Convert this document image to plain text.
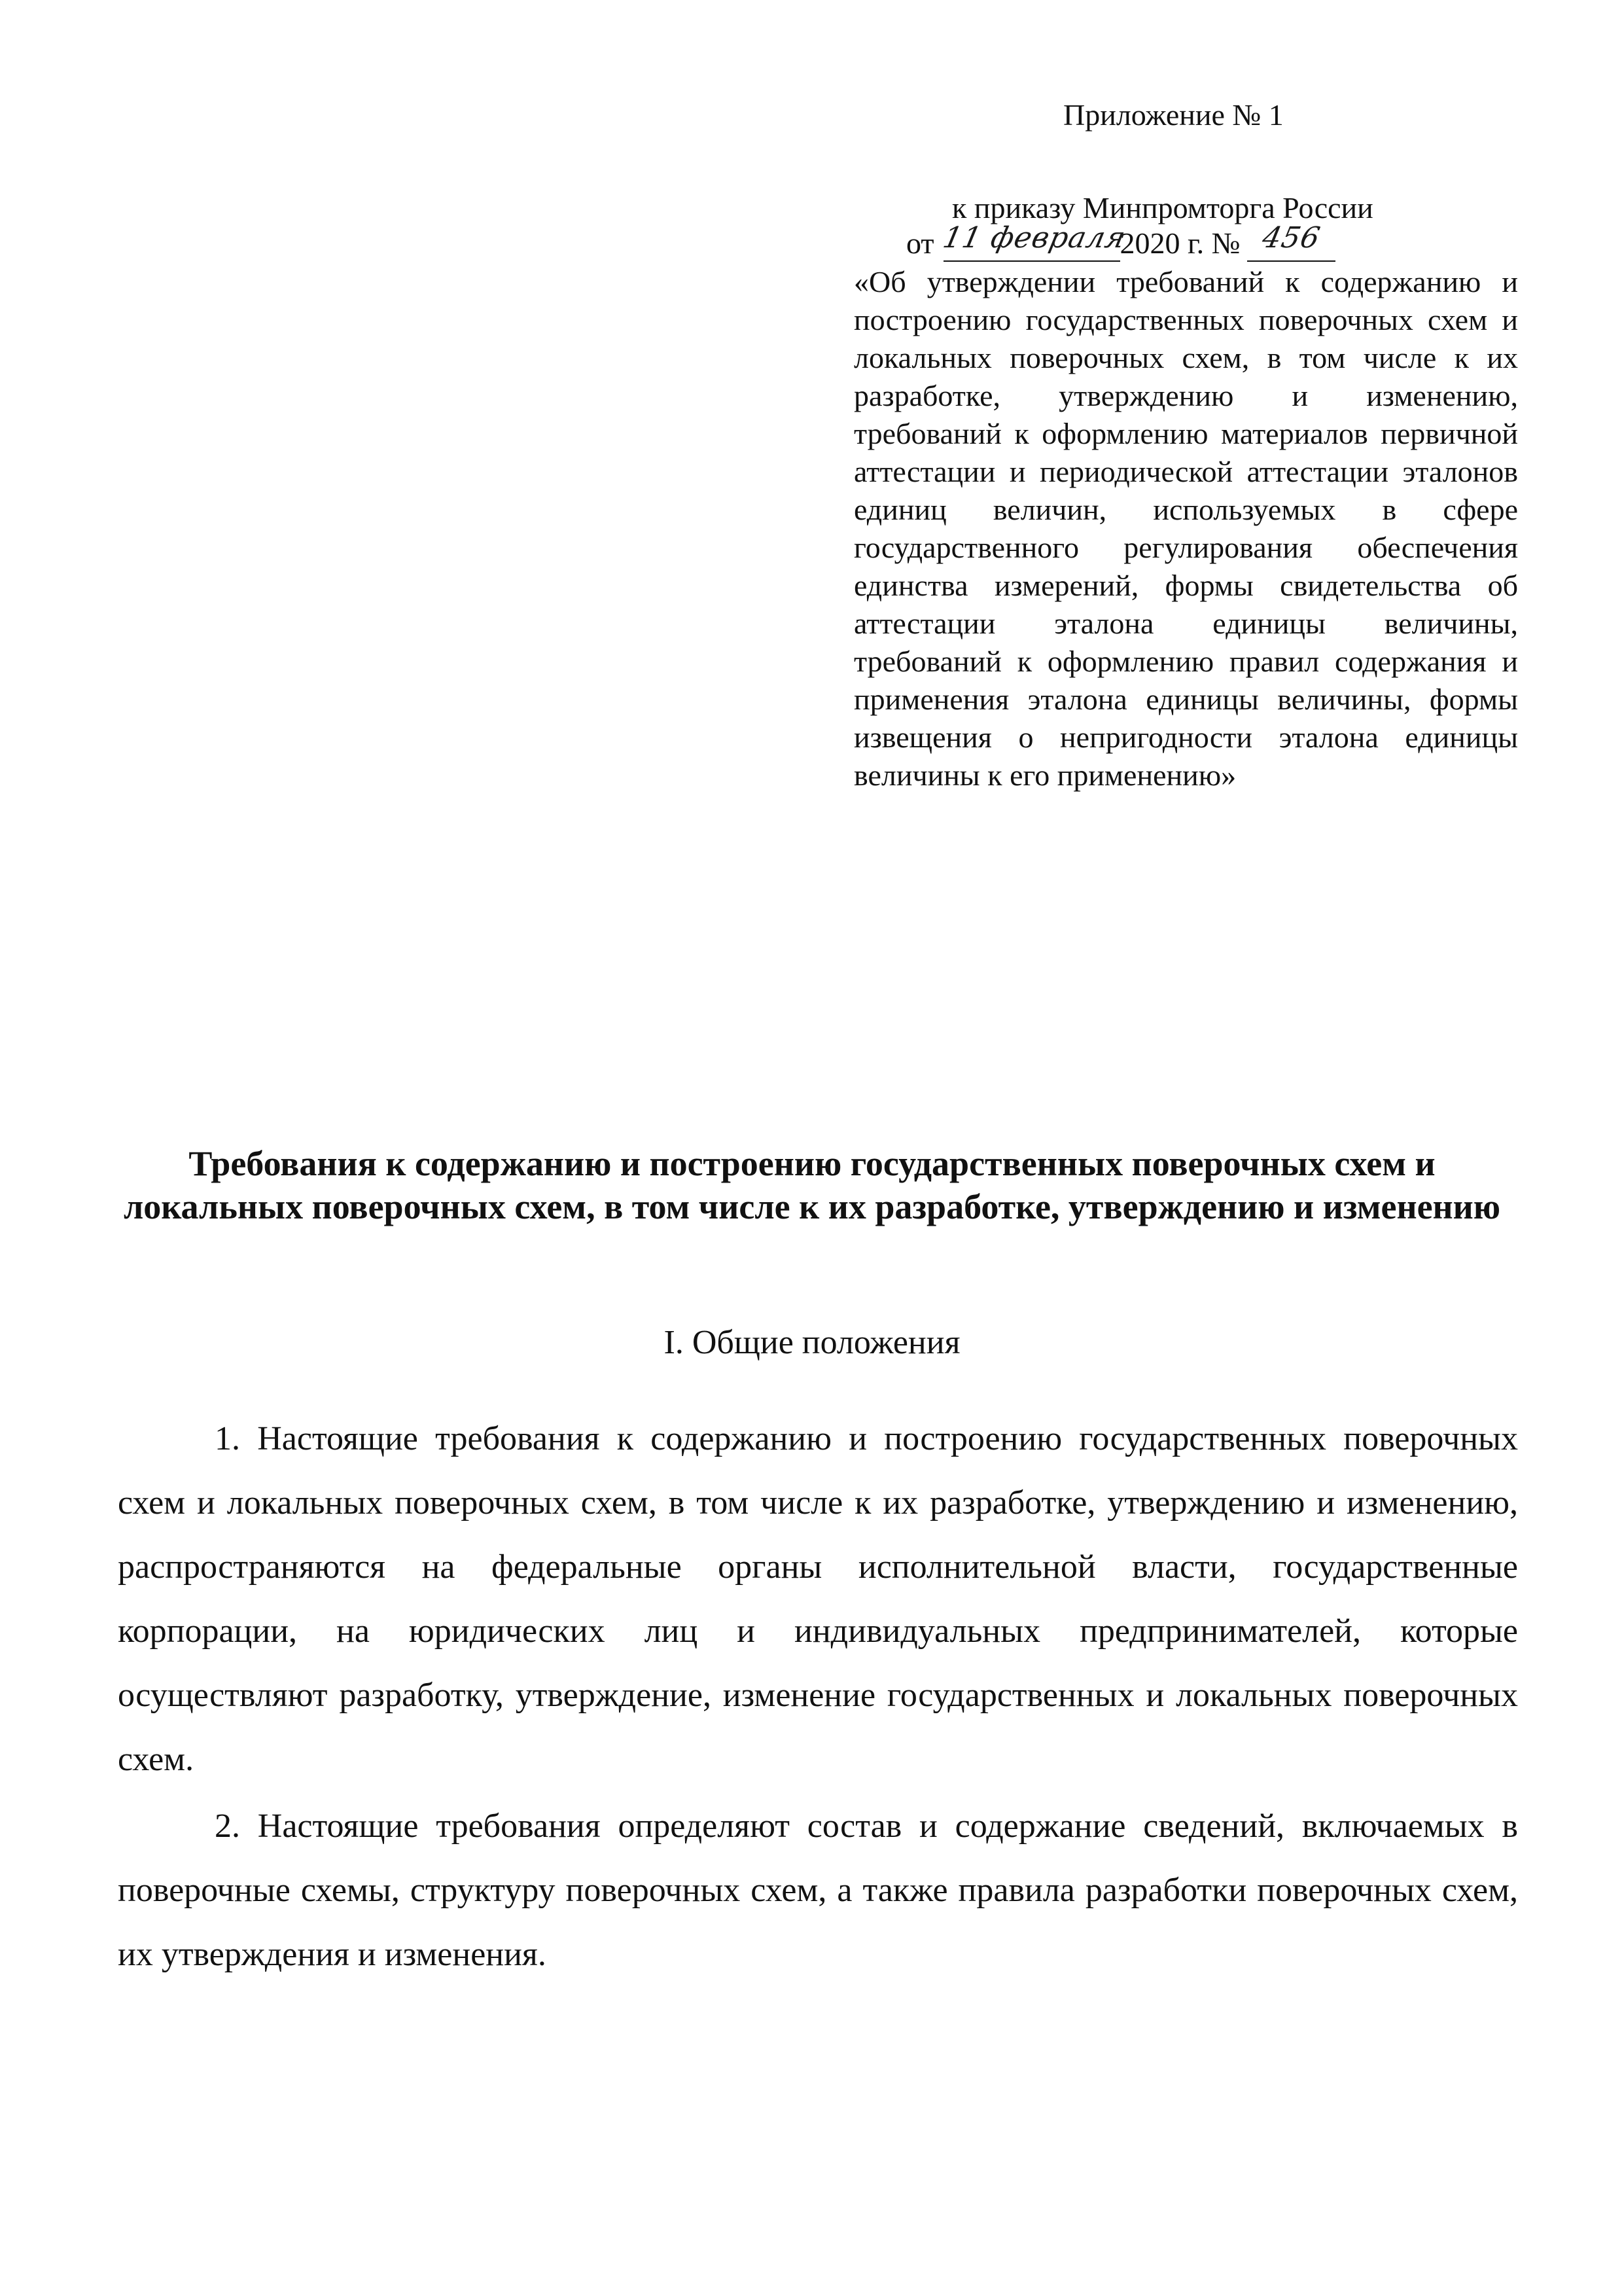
Приложение № 1
к приказу Минпромторга России
от 11 февраля
2020 г. № 456
«Об утверждении требований к содержанию и построению государственных поверочных схем и локальных поверочных схем, в том числе к их разработке, утверждению и изменению, требований к оформлению материалов первичной аттестации и периодической аттестации эталонов единиц величин, используемых в сфере государственного регулирования обеспечения единства измерений, формы свидетельства об аттестации эталона единицы величины, требований к оформлению правил содержания и применения эталона единицы величины, формы извещения о непригодности эталона единицы величины к его применению»
Требования к содержанию и построению государственных поверочных схем и локальных поверочных схем, в том числе к их разработке, утверждению и изменению
I. Общие положения

1. Настоящие требования к содержанию и построению государственных поверочных схем и локальных поверочных схем, в том числе к их разработке, утверждению и изменению, распространяются на федеральные органы исполнительной власти, государственные корпорации, на юридических лиц и индивидуальных предпринимателей, которые осуществляют разработку, утверждение, изменение государственных и локальных поверочных схем.

2. Настоящие требования определяют состав и содержание сведений, включаемых в поверочные схемы, структуру поверочных схем, а также правила разработки поверочных схем, их утверждения и изменения.
